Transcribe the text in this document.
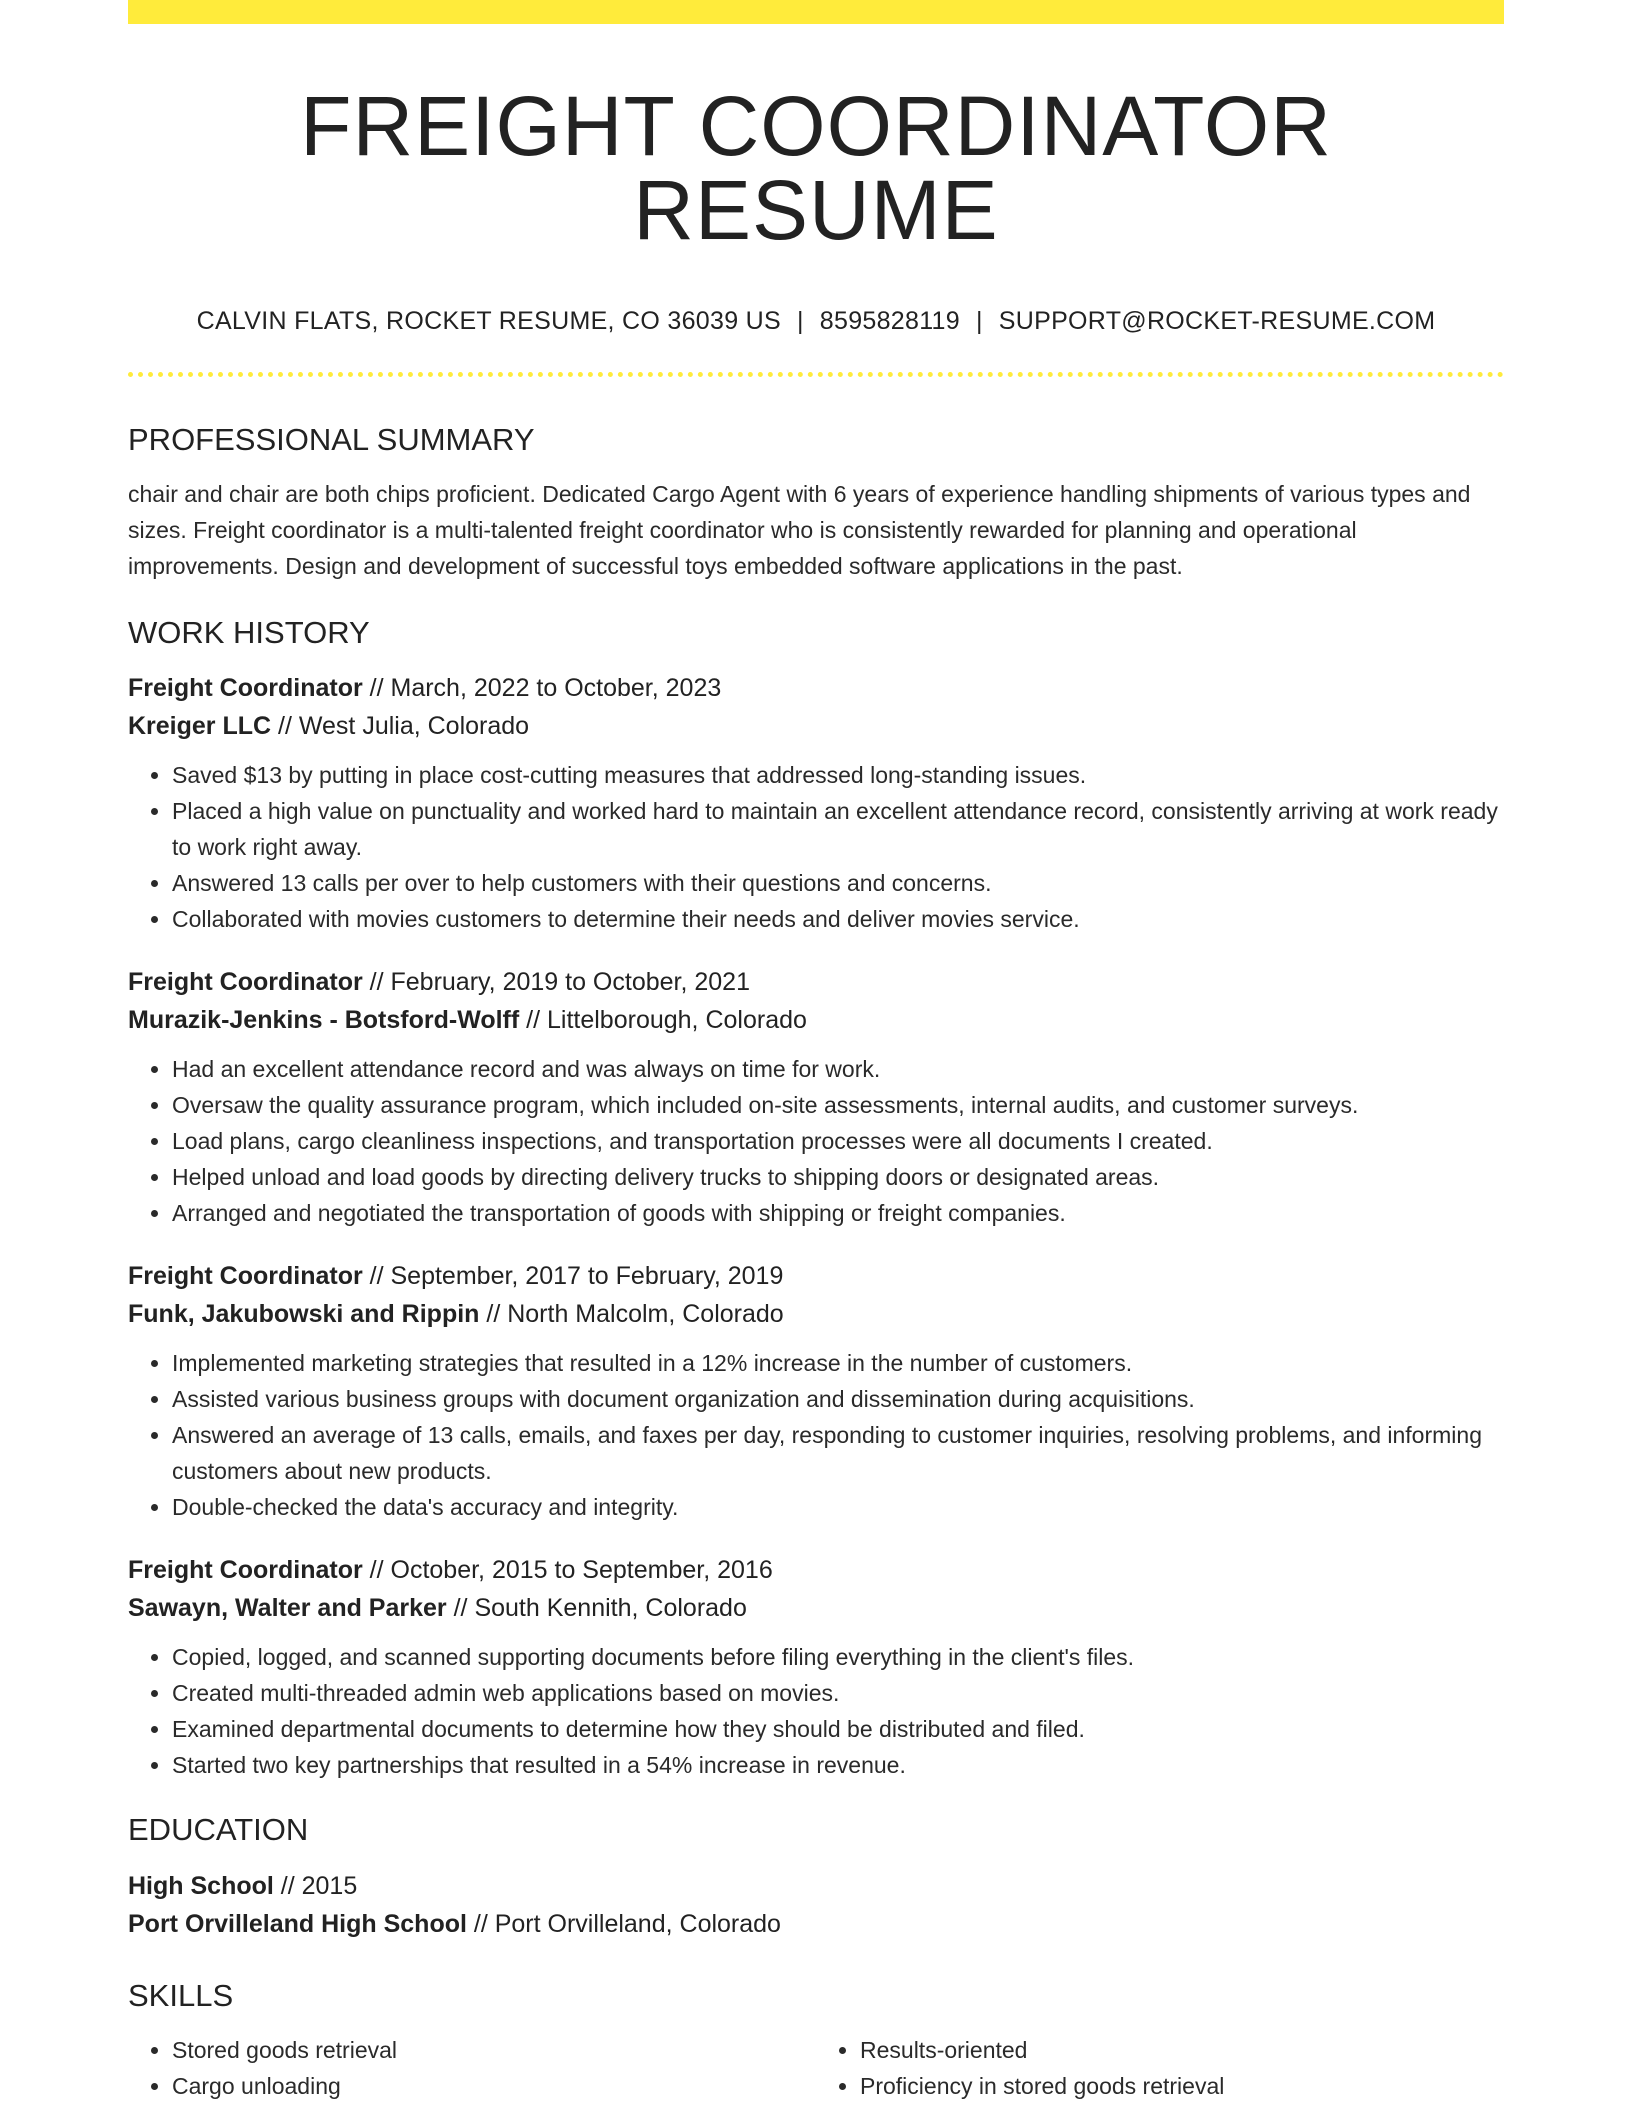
FREIGHT COORDINATOR RESUME
CALVIN FLATS, ROCKET RESUME, CO 36039 US | 8595828119 | SUPPORT@ROCKET-RESUME.COM
PROFESSIONAL SUMMARY
chair and chair are both chips proficient. Dedicated Cargo Agent with 6 years of experience handling shipments of various types and sizes. Freight coordinator is a multi-talented freight coordinator who is consistently rewarded for planning and operational improvements. Design and development of successful toys embedded software applications in the past.
WORK HISTORY
Freight Coordinator // March, 2022 to October, 2023
Kreiger LLC // West Julia, Colorado
• Saved $13 by putting in place cost-cutting measures that addressed long-standing issues.
• Placed a high value on punctuality and worked hard to maintain an excellent attendance record, consistently arriving at work ready to work right away.
• Answered 13 calls per over to help customers with their questions and concerns.
• Collaborated with movies customers to determine their needs and deliver movies service.
Freight Coordinator // February, 2019 to October, 2021
Murazik-Jenkins - Botsford-Wolff // Littelborough, Colorado
• Had an excellent attendance record and was always on time for work.
• Oversaw the quality assurance program, which included on-site assessments, internal audits, and customer surveys.
• Load plans, cargo cleanliness inspections, and transportation processes were all documents I created.
• Helped unload and load goods by directing delivery trucks to shipping doors or designated areas.
• Arranged and negotiated the transportation of goods with shipping or freight companies.
Freight Coordinator // September, 2017 to February, 2019
Funk, Jakubowski and Rippin // North Malcolm, Colorado
• Implemented marketing strategies that resulted in a 12% increase in the number of customers.
• Assisted various business groups with document organization and dissemination during acquisitions.
• Answered an average of 13 calls, emails, and faxes per day, responding to customer inquiries, resolving problems, and informing customers about new products.
• Double-checked the data's accuracy and integrity.
Freight Coordinator // October, 2015 to September, 2016
Sawayn, Walter and Parker // South Kennith, Colorado
• Copied, logged, and scanned supporting documents before filing everything in the client's files.
• Created multi-threaded admin web applications based on movies.
• Examined departmental documents to determine how they should be distributed and filed.
• Started two key partnerships that resulted in a 54% increase in revenue.
EDUCATION
High School // 2015
Port Orvilleland High School // Port Orvilleland, Colorado
SKILLS
• Stored goods retrieval
• Cargo unloading
• Results-oriented
• Proficiency in stored goods retrieval
